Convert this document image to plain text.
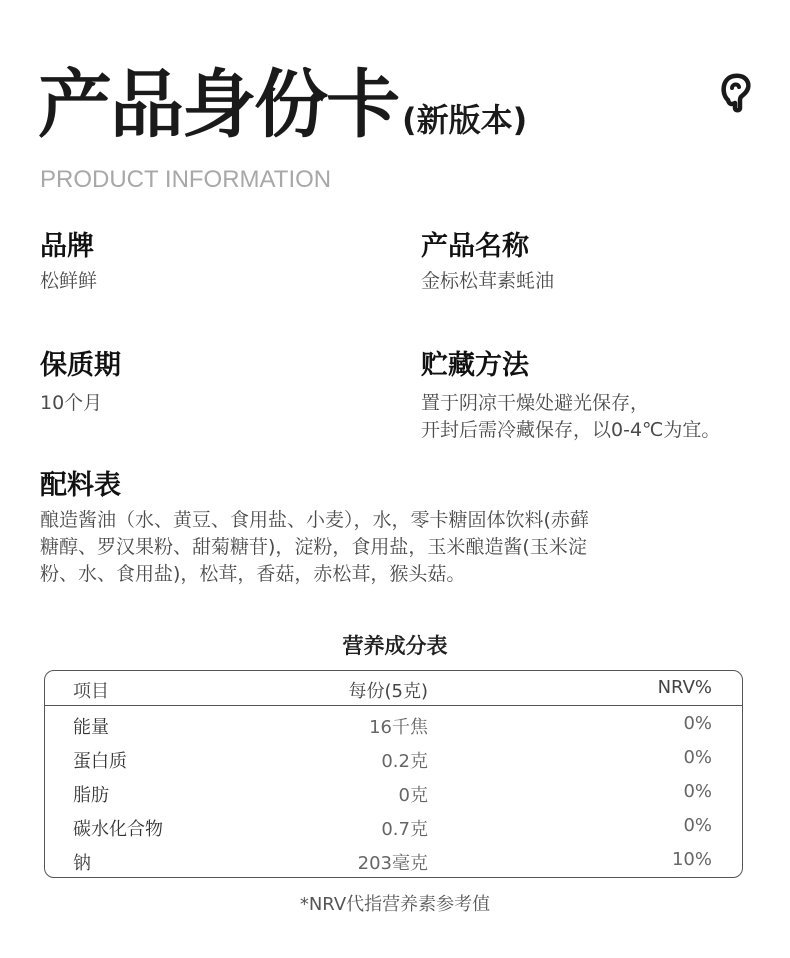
产品身份卡 (新版本)
PRODUCT INFORMATION
品牌
松鲜鲜
产品名称
金标松茸素蚝油
保质期
10个月
贮藏方法
置于阴凉干燥处避光保存，
开封后需冷藏保存，以0-4℃为宜。
配料表
酿造酱油（水、黄豆、食用盐、小麦），水，零卡糖固体饮料(赤藓
糖醇、罗汉果粉、甜菊糖苷)，淀粉，食用盐，玉米酿造酱(玉米淀
粉、水、食用盐)，松茸，香菇，赤松茸，猴头菇。
营养成分表
项目	每份(5克)	NRV%
能量	16千焦	0%
蛋白质	0.2克	0%
脂肪	0克	0%
碳水化合物	0.7克	0%
钠	203毫克	10%
*NRV代指营养素参考值
